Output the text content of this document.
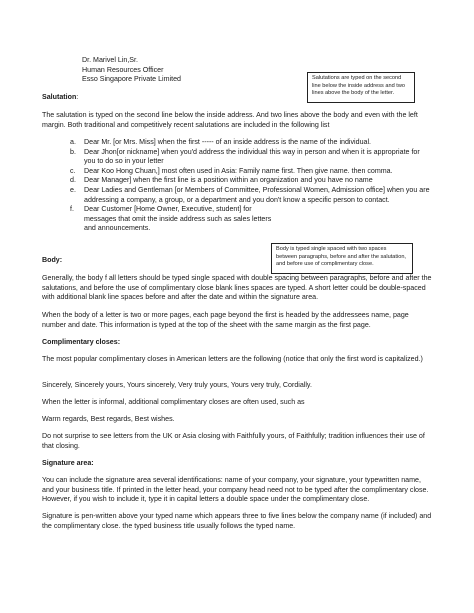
Dr. Marivel Lin,Sr.
Human Resources Officer
Esso Singapore Private Limited	Salutations are typed on the second line below the inside address and two lines above the body of the letter.

Salutation:

The salutation is typed on the second line below the inside address. And two lines above the body and even with the left margin. Both traditional and competitively recent salutations are included in the following list

a. Dear Mr. [or Mrs. Miss] when the first ----- of an inside address is the name of the individual.
b. Dear Jhon[or nickname] when you'd address the individual this way in person and when it is appropriate for you to do so in your letter
c. Dear Koo Hong Chuan,] most often used in Asia: Family name first. Then give name. then comma.
d. Dear Manager] when the first line is a position within an organization and you have no name
e. Dear Ladies and Gentleman [or Members of Committee, Professional Women, Admission office] when you are addressing a company, a group, or a department and you don't know a specific person to contact.
f. Dear Customer [Home Owner, Executive, student] for messages that omit the inside address such as sales letters and announcements.
Body is typed single spaced with two spaces between paragraphs, before and after the salutation, and before use of complimentary close.

Body:

Generally, the body f all letters should be typed single spaced with double spacing between paragraphs, before and after the salutations, and before the use of complimentary close blank lines spaces are typed. A short letter could be double-spaced with additional blank line spaces before and after the date and within the signature area.

When the body of a letter is two or more pages, each page beyond the first is headed by the addressees name, page number and date. This information is typed at the top of the sheet with the same margin as the first page.

Complimentary closes:

The most popular complimentary closes in American letters are the following (notice that only the first word is capitalized.)

Sincerely, Sincerely yours, Yours sincerely, Very truly yours, Yours very truly, Cordially.

When the letter is informal, additional complimentary closes are often used, such as

Warm regards, Best regards, Best wishes.

Do not surprise to see letters from the UK or Asia closing with Faithfully yours, of Faithfully; tradition influences their use of that closing.

Signature area:

You can include the signature area several identifications: name of your company, your signature, your typewritten name, and your business title. If printed in the letter head, your company head need not to be typed after the complimentary close. However, if you wish to include it, type it in capital letters a double space under the complimentary close.

Signature is pen-written above your typed name which appears three to five lines below the company name (if included) and the complimentary close. the typed business title usually follows the typed name.
